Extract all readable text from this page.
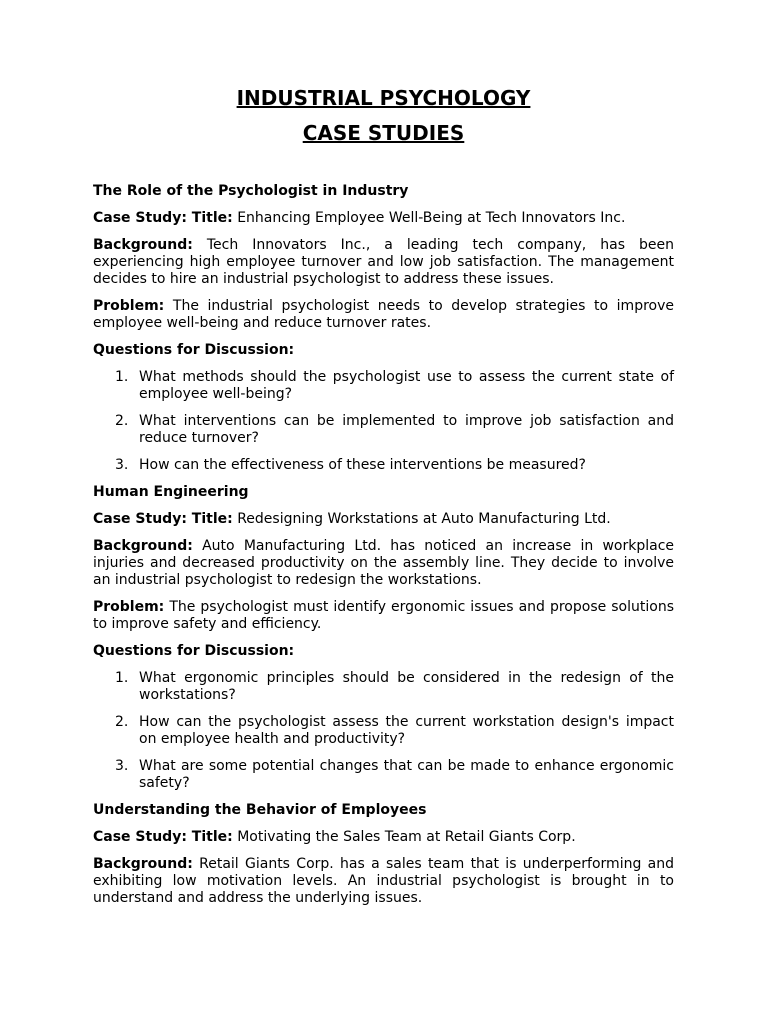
INDUSTRIAL PSYCHOLOGY
CASE STUDIES
The Role of the Psychologist in Industry

Case Study: Title: Enhancing Employee Well-Being at Tech Innovators Inc.

Background: Tech Innovators Inc., a leading tech company, has been experiencing high employee turnover and low job satisfaction. The management decides to hire an industrial psychologist to address these issues.

Problem: The industrial psychologist needs to develop strategies to improve employee well-being and reduce turnover rates.

Questions for Discussion:
1. What methods should the psychologist use to assess the current state of employee well-being?
2. What interventions can be implemented to improve job satisfaction and reduce turnover?
3. How can the effectiveness of these interventions be measured?
Human Engineering

Case Study: Title: Redesigning Workstations at Auto Manufacturing Ltd.

Background: Auto Manufacturing Ltd. has noticed an increase in workplace injuries and decreased productivity on the assembly line. They decide to involve an industrial psychologist to redesign the workstations.

Problem: The psychologist must identify ergonomic issues and propose solutions to improve safety and efficiency.

Questions for Discussion:
1. What ergonomic principles should be considered in the redesign of the workstations?
2. How can the psychologist assess the current workstation design's impact on employee health and productivity?
3. What are some potential changes that can be made to enhance ergonomic safety?
Understanding the Behavior of Employees

Case Study: Title: Motivating the Sales Team at Retail Giants Corp.

Background: Retail Giants Corp. has a sales team that is underperforming and exhibiting low motivation levels. An industrial psychologist is brought in to understand and address the underlying issues.
